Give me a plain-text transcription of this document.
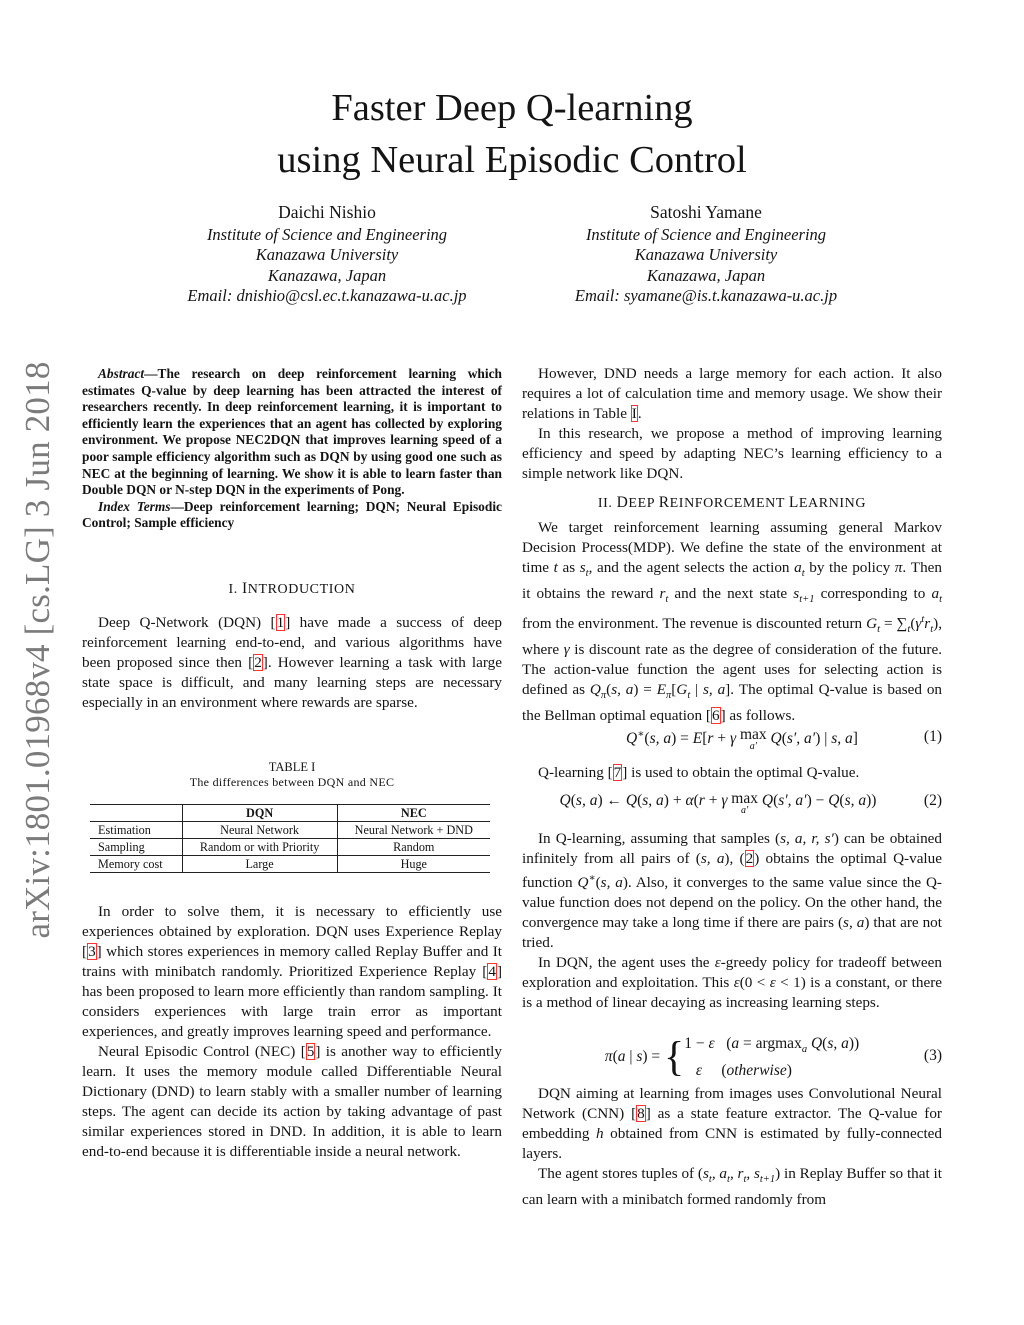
arXiv:1801.01968v4 [cs.LG] 3 Jun 2018
Faster Deep Q-learning
using Neural Episodic Control
Daichi Nishio
Institute of Science and Engineering
Kanazawa University
Kanazawa, Japan
Email: dnishio@csl.ec.t.kanazawa-u.ac.jp
Satoshi Yamane
Institute of Science and Engineering
Kanazawa University
Kanazawa, Japan
Email: syamane@is.t.kanazawa-u.ac.jp

Abstract—The research on deep reinforcement learning which estimates Q-value by deep learning has been attracted the interest of researchers recently. In deep reinforcement learning, it is important to efficiently learn the experiences that an agent has collected by exploring environment. We propose NEC2DQN that improves learning speed of a poor sample efficiency algorithm such as DQN by using good one such as NEC at the beginning of learning. We show it is able to learn faster than Double DQN or N-step DQN in the experiments of Pong.

Index Terms—Deep reinforcement learning; DQN; Neural Episodic Control; Sample efficiency

I. INTRODUCTION

Deep Q-Network (DQN) [1] have made a success of deep reinforcement learning end-to-end, and various algorithms have been proposed since then [2]. However learning a task with large state space is difficult, and many learning steps are necessary especially in an environment where rewards are sparse.

TABLE I
The differences between DQN and NEC
	DQN	NEC
Estimation	Neural Network	Neural Network + DND
Sampling	Random or with Priority	Random
Memory cost	Large	Huge

In order to solve them, it is necessary to efficiently use experiences obtained by exploration. DQN uses Experience Replay [3] which stores experiences in memory called Replay Buffer and It trains with minibatch randomly. Prioritized Experience Replay [4] has been proposed to learn more efficiently than random sampling. It considers experiences with large train error as important experiences, and greatly improves learning speed and performance.

Neural Episodic Control (NEC) [5] is another way to efficiently learn. It uses the memory module called Differentiable Neural Dictionary (DND) to learn stably with a smaller number of learning steps. The agent can decide its action by taking advantage of past similar experiences stored in DND. In addition, it is able to learn end-to-end because it is differentiable inside a neural network.

However, DND needs a large memory for each action. It also requires a lot of calculation time and memory usage. We show their relations in Table I.

In this research, we propose a method of improving learning efficiency and speed by adapting NEC’s learning efficiency to a simple network like DQN.

II. DEEP REINFORCEMENT LEARNING

We target reinforcement learning assuming general Markov Decision Process(MDP). We define the state of the environment at time t as $s_t$, and the agent selects the action $a_t$ by the policy π. Then it obtains the reward $r_t$ and the next state $s_{t+1}$ corresponding to $a_t$ from the environment. The revenue is discounted return $G_t = \sum_t(\gamma^tr_t)$, where γ is discount rate as the degree of consideration of the future. The action-value function the agent uses for selecting action is defined as $Q_\pi(s$, $a) = E_\pi[G_t$ | s, a]. The optimal Q-value is based on the Bellman optimal equation [6] as follows.

Q∗(s, a) = E[r + γ max
a′ Q(s′, a′) | s, a]	(1)

Q-learning [7] is used to obtain the optimal Q-value.

Q(s, a) ← Q(s, a) + α(r + γ max
a′
Q(s′, a′) − Q(s, a))	(2)

In Q-learning, assuming that samples (s, a, r, s′) can be obtained infinitely from all pairs of (s, a), (2) obtains the optimal Q-value function Q∗(s, a). Also, it converges to the same value since the Q-value function does not depend on the policy. On the other hand, the convergence may take a long time if there are pairs (s, a) that are not tried.

In DQN, the agent uses the ε-greedy policy for tradeoff between exploration and exploitation. This ε(0 < ε < 1) is a constant, or there is a method of linear decaying as increasing learning steps.

π(a | s) = {1 − ε   (a = argmax$_a$ Q(s, a))
ε     (otherwise)
(3)

DQN aiming at learning from images uses Convolutional Neural Network (CNN) [8] as a state feature extractor. The Q-value for embedding h obtained from CNN is estimated by fully-connected layers.

The agent stores tuples of ($s_t$, $a_t$, $r_t$, $s_{t+1}$) in Replay Buffer so that it can learn with a minibatch formed randomly from
